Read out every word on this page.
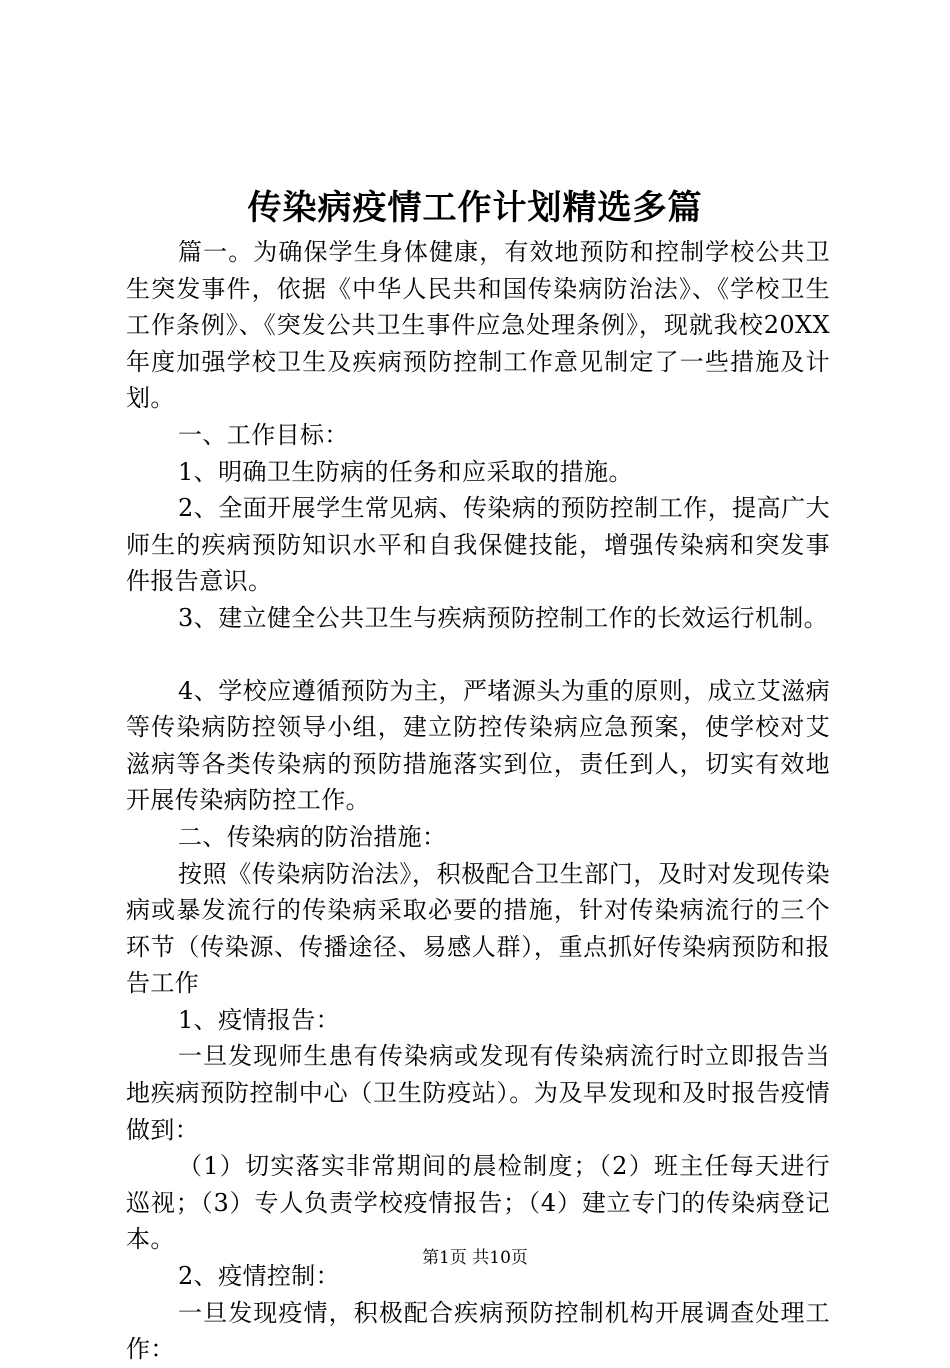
传染病疫情工作计划精选多篇

篇一。为确保学生身体健康，有效地预防和控制学校公共卫生突发事件，依据《中华人民共和国传染病防治法》、《学校卫生工作条例》、《突发公共卫生事件应急处理条例》，现就我校20XX年度加强学校卫生及疾病预防控制工作意见制定了一些措施及计划。

一、工作目标：

1、明确卫生防病的任务和应采取的措施。

2、全面开展学生常见病、传染病的预防控制工作，提高广大师生的疾病预防知识水平和自我保健技能，增强传染病和突发事件报告意识。

3、建立健全公共卫生与疾病预防控制工作的长效运行机制。

4、学校应遵循预防为主，严堵源头为重的原则，成立艾滋病等传染病防控领导小组，建立防控传染病应急预案，使学校对艾滋病等各类传染病的预防措施落实到位，责任到人，切实有效地开展传染病防控工作。

二、传染病的防治措施：

按照《传染病防治法》，积极配合卫生部门，及时对发现传染病或暴发流行的传染病采取必要的措施，针对传染病流行的三个环节（传染源、传播途径、易感人群），重点抓好传染病预防和报告工作

1、疫情报告：

一旦发现师生患有传染病或发现有传染病流行时立即报告当地疾病预防控制中心（卫生防疫站）。为及早发现和及时报告疫情做到：

（1）切实落实非常期间的晨检制度；（2）班主任每天进行巡视；（3）专人负责学校疫情报告；（4）建立专门的传染病登记本。

2、疫情控制：

一旦发现疫情，积极配合疾病预防控制机构开展调查处理工作：

第1页 共10页
